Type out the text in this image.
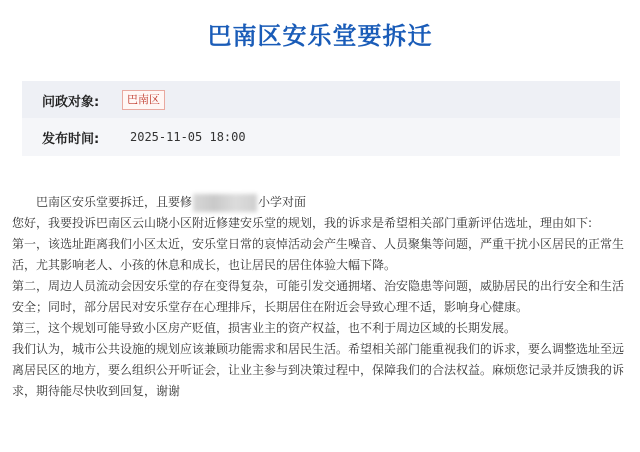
巴南区安乐堂要拆迁
问政对象:	巴南区
发布时间:	2025-11-05 18:00

巴南区安乐堂要拆迁，且要修	小学对面

您好，我要投诉巴南区云山晓小区附近修建安乐堂的规划，我的诉求是希望相关部门重新评估选址，理由如下:

第一，该选址距离我们小区太近，安乐堂日常的哀悼活动会产生噪音、人员聚集等问题，严重干扰小区居民的正常生活，尤其影响老人、小孩的休息和成长，也让居民的居住体验大幅下降。

第二，周边人员流动会因安乐堂的存在变得复杂，可能引发交通拥堵、治安隐患等问题，威胁居民的出行安全和生活安全；同时，部分居民对安乐堂存在心理排斥，长期居住在附近会导致心理不适，影响身心健康。

第三，这个规划可能导致小区房产贬值，损害业主的资产权益，也不利于周边区域的长期发展。

我们认为，城市公共设施的规划应该兼顾功能需求和居民生活。希望相关部门能重视我们的诉求，要么调整选址至远离居民区的地方，要么组织公开听证会，让业主参与到决策过程中，保障我们的合法权益。麻烦您记录并反馈我的诉求，期待能尽快收到回复，谢谢
